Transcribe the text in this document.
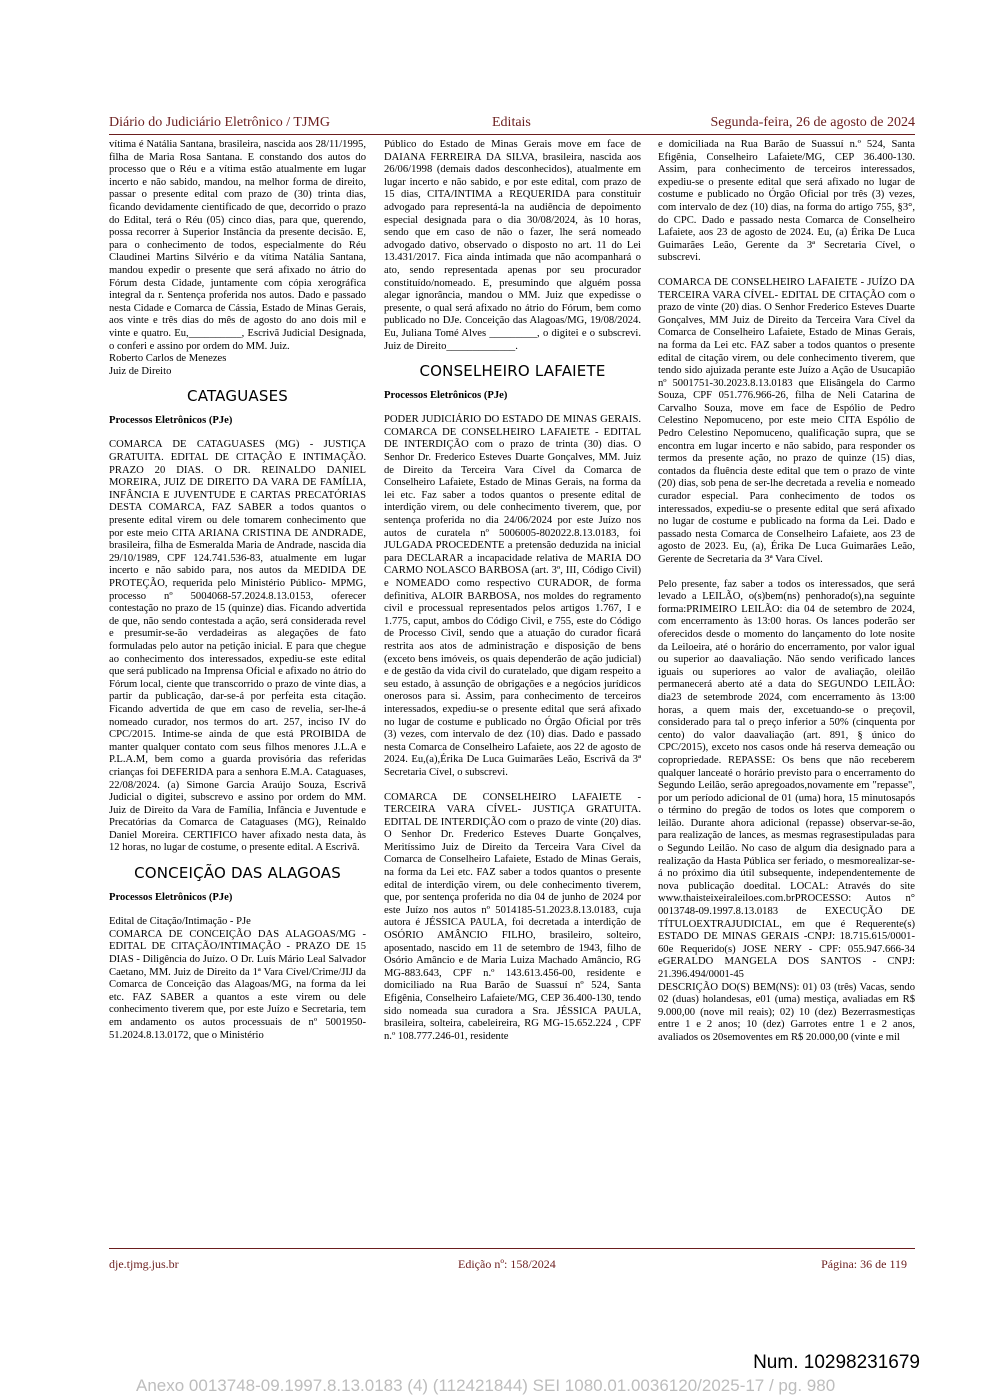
Diário do Judiciário Eletrônico / TJMG	Editais	Segunda-feira, 26 de agosto de 2024

vítima é Natália Santana, brasileira, nascida aos 28/11/1995, filha de Maria Rosa Santana. E constando dos autos do processo que o Réu e a vítima estão atualmente em lugar incerto e não sabido, mandou, na melhor forma de direito, passar o presente edital com prazo de (30) trinta dias, ficando devidamente cientificado de que, decorrido o prazo do Edital, terá o Réu (05) cinco dias, para que, querendo, possa recorrer à Superior Instância da presente decisão. E, para o conhecimento de todos, especialmente do Réu Claudinei Martins Silvério e da vítima Natália Santana, mandou expedir o presente que será afixado no átrio do Fórum desta Cidade, juntamente com cópia xerográfica integral da r. Sentença proferida nos autos. Dado e passado nesta Cidade e Comarca de Cássia, Estado de Minas Gerais, aos vinte e três dias do mês de agosto do ano dois mil e vinte e quatro. Eu,__________, Escrivã Judicial Designada, o conferi e assino por ordem do MM. Juiz.

Roberto Carlos de Menezes

Juiz de Direito

CATAGUASES
Processos Eletrônicos (PJe)

COMARCA DE CATAGUASES (MG) - JUSTIÇA GRATUITA. EDITAL DE CITAÇÃO E INTIMAÇÃO. PRAZO 20 DIAS. O DR. REINALDO DANIEL MOREIRA, JUIZ DE DIREITO DA VARA DE FAMÍLIA, INFÂNCIA E JUVENTUDE E CARTAS PRECATÓRIAS DESTA COMARCA, FAZ SABER a todos quantos o presente edital virem ou dele tomarem conhecimento que por este meio CITA ARIANA CRISTINA DE ANDRADE, brasileira, filha de Esmeralda Maria de Andrade, nascida dia 29/10/1989, CPF 124.741.536-83, atualmente em lugar incerto e não sabido para, nos autos da MEDIDA DE PROTEÇÃO, requerida pelo Ministério Público- MPMG, processo nº 5004068-57.2024.8.13.0153, oferecer contestação no prazo de 15 (quinze) dias. Ficando advertida de que, não sendo contestada a ação, será considerada revel e presumir-se-ão verdadeiras as alegações de fato formuladas pelo autor na petição inicial. E para que chegue ao conhecimento dos interessados, expediu-se este edital que será publicado na Imprensa Oficial e afixado no átrio do Fórum local, ciente que transcorrido o prazo de vinte dias, a partir da publicação, dar-se-á por perfeita esta citação. Ficando advertida de que em caso de revelia, ser-lhe-á nomeado curador, nos termos do art. 257, inciso IV do CPC/2015. Intime-se ainda de que está PROIBIDA de manter qualquer contato com seus filhos menores J.L.A e P.L.A.M, bem como a guarda provisória das referidas crianças foi DEFERIDA para a senhora E.M.A. Cataguases, 22/08/2024. (a) Simone Garcia Araújo Souza, Escrivã Judicial o digitei, subscrevo e assino por ordem do MM. Juiz de Direito da Vara de Família, Infância e Juventude e Precatórias da Comarca de Cataguases (MG), Reinaldo Daniel Moreira. CERTIFICO haver afixado nesta data, às 12 horas, no lugar de costume, o presente edital. A Escrivã.

CONCEIÇÃO DAS ALAGOAS
Processos Eletrônicos (PJe)

Edital de Citação/Intimação - PJe

COMARCA DE CONCEIÇÃO DAS ALAGOAS/MG - EDITAL DE CITAÇÃO/INTIMAÇÃO - PRAZO DE 15 DIAS - Diligência do Juízo. O Dr. Luís Mário Leal Salvador Caetano, MM. Juiz de Direito da 1ª Vara Cível/Crime/JIJ da Comarca de Conceição das Alagoas/MG, na forma da lei etc. FAZ SABER a quantos a este virem ou dele conhecimento tiverem que, por este Juízo e Secretaria, tem em andamento os autos processuais de nº 5001950-51.2024.8.13.0172, que o Ministério

Público do Estado de Minas Gerais move em face de DAIANA FERREIRA DA SILVA, brasileira, nascida aos 26/06/1998 (demais dados desconhecidos), atualmente em lugar incerto e não sabido, e por este edital, com prazo de 15 dias, CITA/INTIMA a REQUERIDA para constituir advogado para representá-la na audiência de depoimento especial designada para o dia 30/08/2024, às 10 horas, sendo que em caso de não o fazer, lhe será nomeado advogado dativo, observado o disposto no art. 11 do Lei 13.431/2017. Fica ainda intimada que não acompanhará o ato, sendo representada apenas por seu procurador constituído/nomeado. E, presumindo que alguém possa alegar ignorância, mandou o MM. Juiz que expedisse o presente, o qual será afixado no átrio do Fórum, bem como publicado no DJe. Conceição das Alagoas/MG, 19/08/2024. Eu, Juliana Tomé Alves _________, o digitei e o subscrevi. Juiz de Direito_____________.

CONSELHEIRO LAFAIETE
Processos Eletrônicos (PJe)

PODER JUDICIÁRIO DO ESTADO DE MINAS GERAIS. COMARCA DE CONSELHEIRO LAFAIETE - EDITAL DE INTERDIÇÃO com o prazo de trinta (30) dias. O Senhor Dr. Frederico Esteves Duarte Gonçalves, MM. Juiz de Direito da Terceira Vara Cível da Comarca de Conselheiro Lafaiete, Estado de Minas Gerais, na forma da lei etc. Faz saber a todos quantos o presente edital de interdição virem, ou dele conhecimento tiverem, que, por sentença proferida no dia 24/06/2024 por este Juízo nos autos de curatela nº 5006005-802022.8.13.0183, foi JULGADA PROCEDENTE a pretensão deduzida na inicial para DECLARAR a incapacidade relativa de MARIA DO CARMO NOLASCO BARBOSA (art. 3º, III, Código Civil) e NOMEADO como respectivo CURADOR, de forma definitiva, ALOIR BARBOSA, nos moldes do regramento civil e processual representados pelos artigos 1.767, I e 1.775, caput, ambos do Código Civil, e 755, este do Código de Processo Civil, sendo que a atuação do curador ficará restrita aos atos de administração e disposição de bens (exceto bens imóveis, os quais dependerão de ação judicial) e de gestão da vida civil do curatelado, que digam respeito a seu estado, à assunção de obrigações e a negócios jurídicos onerosos para si. Assim, para conhecimento de terceiros interessados, expediu-se o presente edital que será afixado no lugar de costume e publicado no Órgão Oficial por três (3) vezes, com intervalo de dez (10) dias. Dado e passado nesta Comarca de Conselheiro Lafaiete, aos 22 de agosto de 2024. Eu,(a),Érika De Luca Guimarães Leão, Escrivã da 3ª Secretaria Cível, o subscrevi.

COMARCA DE CONSELHEIRO LAFAIETE - TERCEIRA VARA CÍVEL- JUSTIÇA GRATUITA. EDITAL DE INTERDIÇÃO com o prazo de vinte (20) dias. O Senhor Dr. Frederico Esteves Duarte Gonçalves, Meritíssimo Juiz de Direito da Terceira Vara Cível da Comarca de Conselheiro Lafaiete, Estado de Minas Gerais, na forma da Lei etc. FAZ saber a todos quantos o presente edital de interdição virem, ou dele conhecimento tiverem, que, por sentença proferida no dia 04 de junho de 2024 por este Juízo nos autos nº 5014185-51.2023.8.13.0183, cuja autora é JÉSSICA PAULA, foi decretada a interdição de OSÓRIO AMÂNCIO FILHO, brasileiro, solteiro, aposentado, nascido em 11 de setembro de 1943, filho de Osório Amâncio e de Maria Luiza Machado Amâncio, RG MG-883.643, CPF n.º 143.613.456-00, residente e domiciliado na Rua Barão de Suassuí nº 524, Santa Efigênia, Conselheiro Lafaiete/MG, CEP 36.400-130, tendo sido nomeada sua curadora a Sra. JÉSSICA PAULA, brasileira, solteira, cabeleireira, RG MG-15.652.224 , CPF n.º 108.777.246-01, residente

e domiciliada na Rua Barão de Suassuí n.º 524, Santa Efigênia, Conselheiro Lafaiete/MG, CEP 36.400-130. Assim, para conhecimento de terceiros interessados, expediu-se o presente edital que será afixado no lugar de costume e publicado no Órgão Oficial por três (3) vezes, com intervalo de dez (10) dias, na forma do artigo 755, §3°, do CPC. Dado e passado nesta Comarca de Conselheiro Lafaiete, aos 23 de agosto de 2024. Eu, (a) Érika De Luca Guimarães Leão, Gerente da 3ª Secretaria Cível, o subscrevi.

COMARCA DE CONSELHEIRO LAFAIETE - JUÍZO DA TERCEIRA VARA CÍVEL- EDITAL DE CITAÇÃO com o prazo de vinte (20) dias. O Senhor Frederico Esteves Duarte Gonçalves, MM Juiz de Direito da Terceira Vara Cível da Comarca de Conselheiro Lafaiete, Estado de Minas Gerais, na forma da Lei etc. FAZ saber a todos quantos o presente edital de citação virem, ou dele conhecimento tiverem, que tendo sido ajuizada perante este Juízo a Ação de Usucapião nº 5001751-30.2023.8.13.0183 que Elisângela do Carmo Souza, CPF 051.776.966-26, filha de Neli Catarina de Carvalho Souza, move em face de Espólio de Pedro Celestino Nepomuceno, por este meio CITA Espólio de Pedro Celestino Nepomuceno, qualificação supra, que se encontra em lugar incerto e não sabido, para responder os termos da presente ação, no prazo de quinze (15) dias, contados da fluência deste edital que tem o prazo de vinte (20) dias, sob pena de ser-lhe decretada a revelia e nomeado curador especial. Para conhecimento de todos os interessados, expediu-se o presente edital que será afixado no lugar de costume e publicado na forma da Lei. Dado e passado nesta Comarca de Conselheiro Lafaiete, aos 23 de agosto de 2023. Eu, (a), Érika De Luca Guimarães Leão, Gerente de Secretaria da 3ª Vara Cível.

Pelo presente, faz saber a todos os interessados, que será levado a LEILÃO, o(s)bem(ns) penhorado(s),na seguinte forma:PRIMEIRO LEILÃO: dia 04 de setembro de 2024, com encerramento às 13:00 horas. Os lances poderão ser oferecidos desde o momento do lançamento do lote nosite da Leiloeira, até o horário do encerramento, por valor igual ou superior ao daavaliação. Não sendo verificado lances iguais ou superiores ao valor de avaliação, oleilão permanecerá aberto até a data do SEGUNDO LEILÃO: dia23 de setembrode 2024, com encerramento às 13:00 horas, a quem mais der, excetuando-se o preçovil, considerado para tal o preço inferior a 50% (cinquenta por cento) do valor daavaliação (art. 891, § único do CPC/2015), exceto nos casos onde há reserva demeação ou copropriedade. REPASSE: Os bens que não receberem qualquer lanceaté o horário previsto para o encerramento do Segundo Leilão, serão apregoados,novamente em "repasse", por um período adicional de 01 (uma) hora, 15 minutosapós o término do pregão de todos os lotes que comporem o leilão. Durante ahora adicional (repasse) observar-se-ão, para realização de lances, as mesmas regrasestipuladas para o Segundo Leilão. No caso de algum dia designado para a realização da Hasta Pública ser feriado, o mesmorealizar-se-á no próximo dia útil subsequente, independentemente de nova publicação doedital. LOCAL: Através do site www.thaisteixeiraleiloes.com.brPROCESSO: Autos n° 0013748-09.1997.8.13.0183 de EXECUÇÃO DE TÍTULOEXTRAJUDICIAL, em que é Requerente(s) ESTADO DE MINAS GERAIS -CNPJ: 18.715.615/0001-60e Requerido(s) JOSE NERY - CPF: 055.947.666-34 eGERALDO MANGELA DOS SANTOS - CNPJ: 21.396.494/0001-45

DESCRIÇÃO DO(S) BEM(NS): 01) 03 (três) Vacas, sendo 02 (duas) holandesas, e01 (uma) mestiça, avaliadas em R$ 9.000,00 (nove mil reais); 02) 10 (dez) Bezerrasmestiças entre 1 e 2 anos; 10 (dez) Garrotes entre 1 e 2 anos, avaliados os 20semoventes em R$ 20.000,00 (vinte e mil

dje.tjmg.jus.br	Edição nº: 158/2024	Página: 36 de 119
Num. 10298231679
Anexo 0013748-09.1997.8.13.0183 (4) (112421844) SEI 1080.01.0036120/2025-17 / pg. 980
